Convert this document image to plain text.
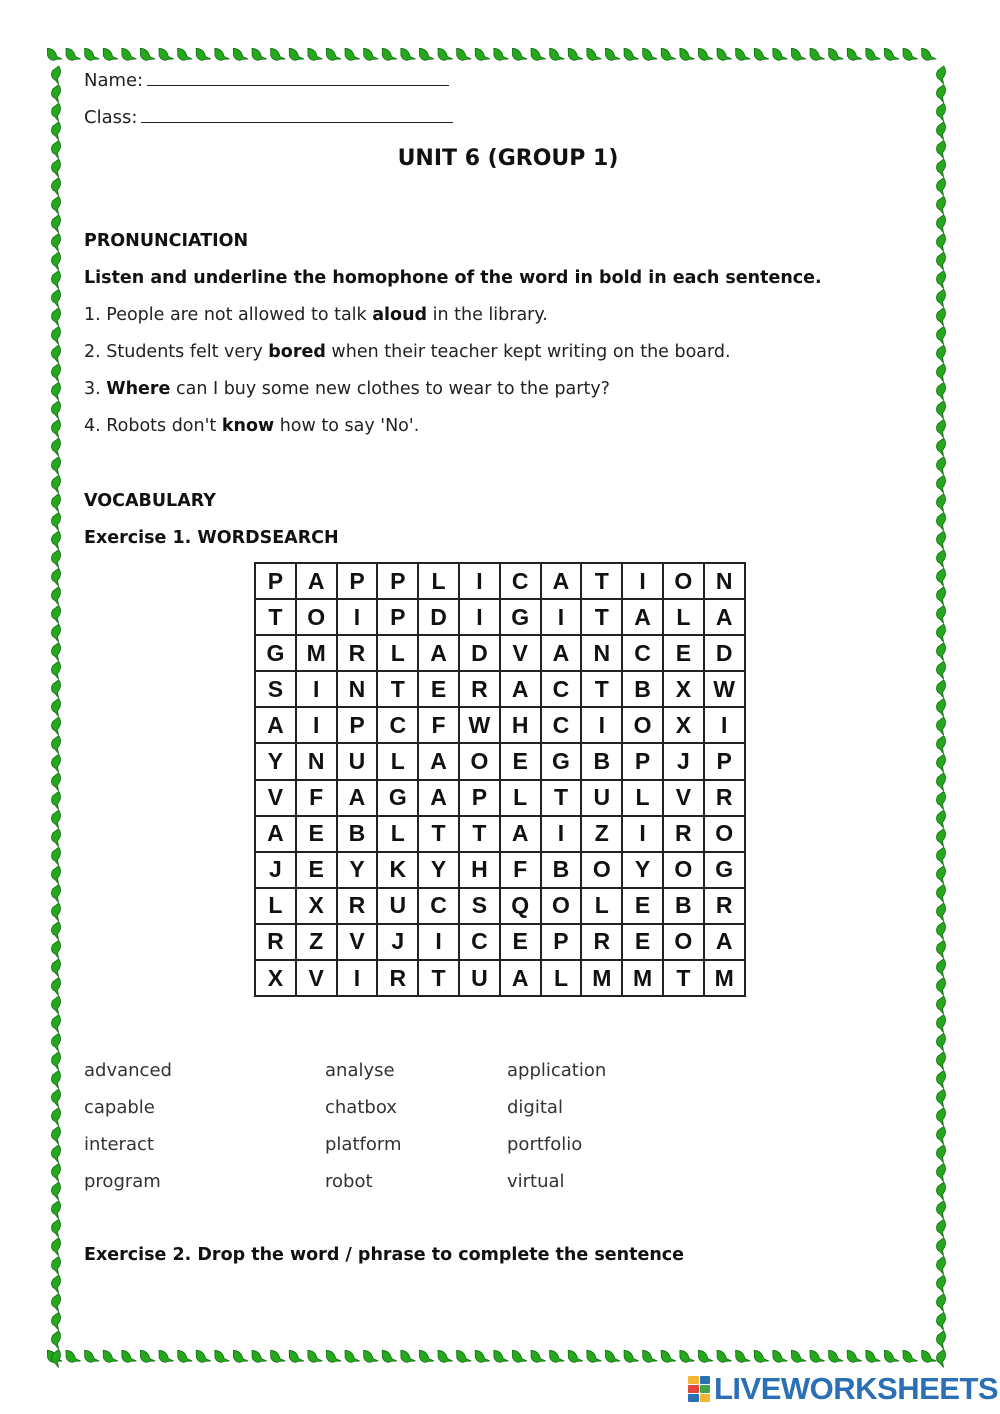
Name:
Class:
UNIT 6 (GROUP 1)
PRONUNCIATION
Listen and underline the homophone of the word in bold in each sentence.
1. People are not allowed to talk aloud in the library.
2. Students felt very bored when their teacher kept writing on the board.
3. Where can I buy some new clothes to wear to the party?
4. Robots don't know how to say 'No'.
VOCABULARY
Exercise 1. WORDSEARCH
P	A	P	P	L	I	C	A	T	I	O	N
T	O	I	P	D	I	G	I	T	A	L	A
G	M	R	L	A	D	V	A	N	C	E	D
S	I	N	T	E	R	A	C	T	B	X	W
A	I	P	C	F	W	H	C	I	O	X	I
Y	N	U	L	A	O	E	G	B	P	J	P
V	F	A	G	A	P	L	T	U	L	V	R
A	E	B	L	T	T	A	I	Z	I	R	O
J	E	Y	K	Y	H	F	B	O	Y	O	G
L	X	R	U	C	S	Q	O	L	E	B	R
R	Z	V	J	I	C	E	P	R	E	O	A
X	V	I	R	T	U	A	L	M	M	T	M
advanced	analyse	application
capable	chatbox	digital
interact	platform	portfolio
program	robot	virtual
Exercise 2. Drop the word / phrase to complete the sentence
LIVEWORKSHEETS
